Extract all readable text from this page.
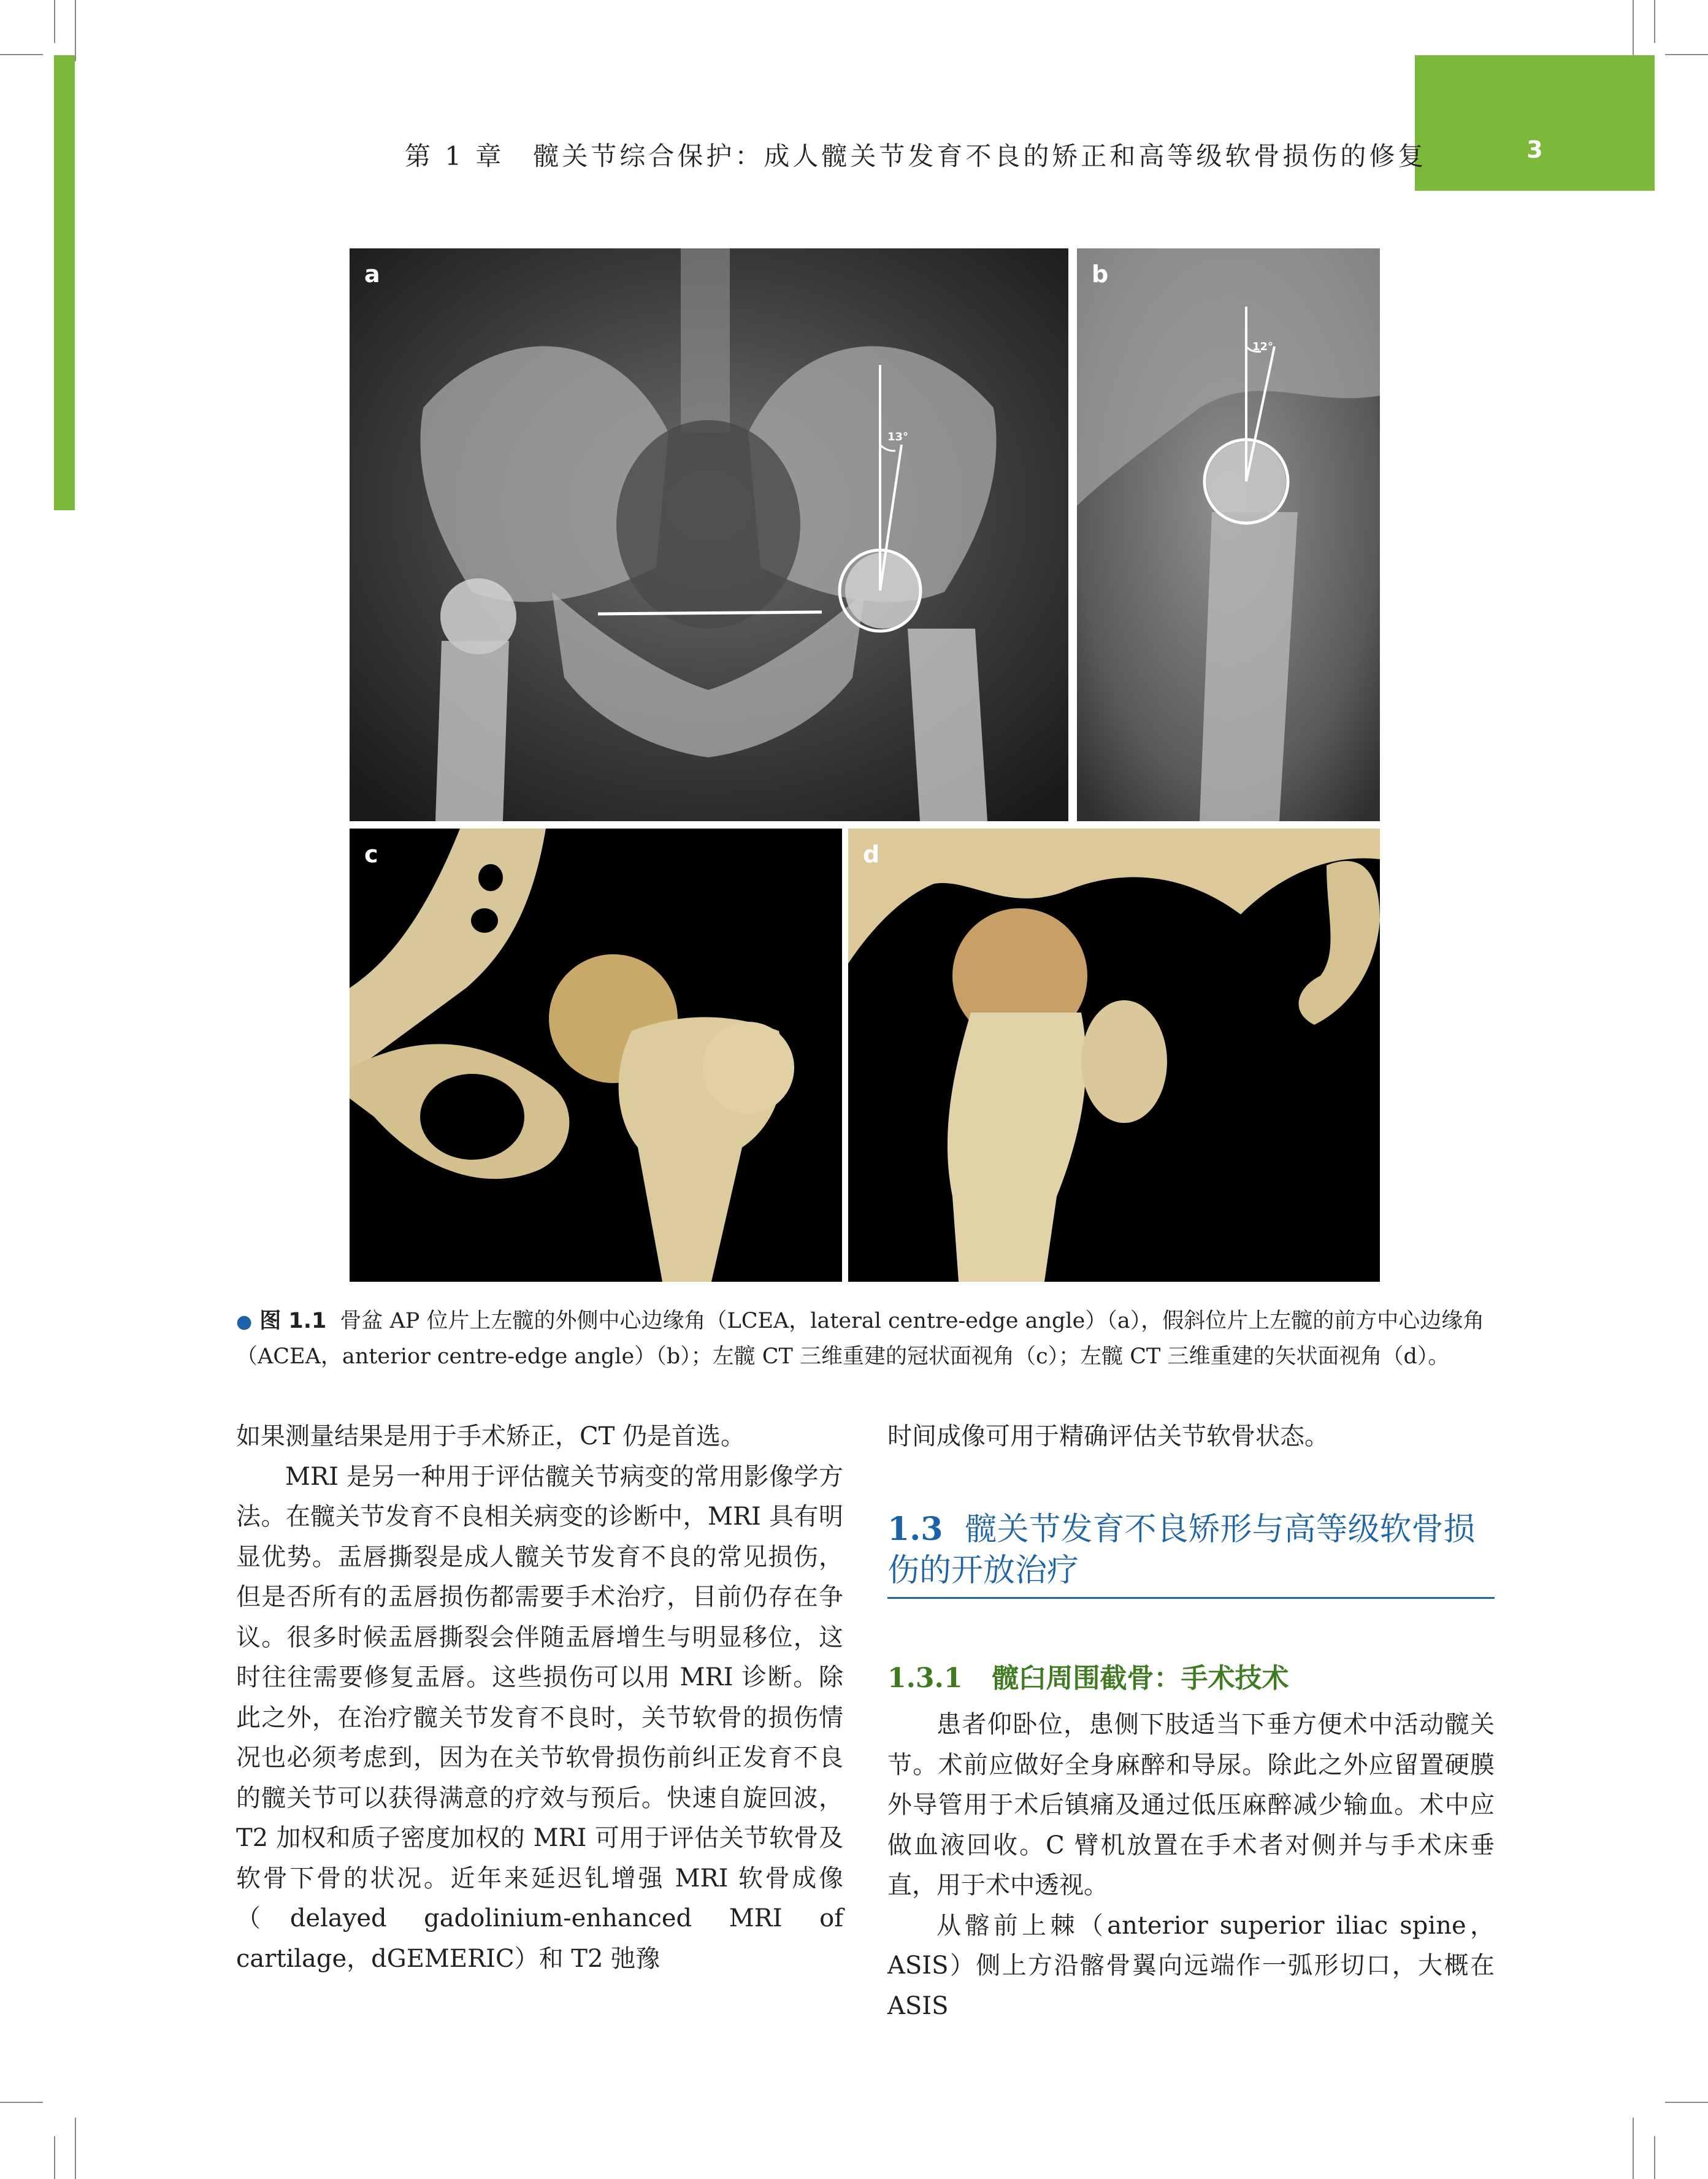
3
第 1 章　髋关节综合保护：成人髋关节发育不良的矫正和高等级软骨损伤的修复
a
13°
b
12°
c	d
● 图 1.1 骨盆 AP 位片上左髋的外侧中心边缘角（LCEA，lateral centre-edge angle）（a），假斜位片上左髋的前方中心边缘角（ACEA，anterior centre-edge angle）（b）；左髋 CT 三维重建的冠状面视角（c）；左髋 CT 三维重建的矢状面视角（d）。

如果测量结果是用于手术矫正，CT 仍是首选。

MRI 是另一种用于评估髋关节病变的常用影像学方法。在髋关节发育不良相关病变的诊断中，MRI 具有明显优势。盂唇撕裂是成人髋关节发育不良的常见损伤，但是否所有的盂唇损伤都需要手术治疗，目前仍存在争议。很多时候盂唇撕裂会伴随盂唇增生与明显移位，这时往往需要修复盂唇。这些损伤可以用 MRI 诊断。除此之外，在治疗髋关节发育不良时，关节软骨的损伤情况也必须考虑到，因为在关节软骨损伤前纠正发育不良的髋关节可以获得满意的疗效与预后。快速自旋回波，T2 加权和质子密度加权的 MRI 可用于评估关节软骨及软骨下骨的状况。近年来延迟钆增强 MRI 软骨成像（delayed gadolinium-enhanced MRI of cartilage，dGEMERIC）和 T2 弛豫

时间成像可用于精确评估关节软骨状态。

1.3 髋关节发育不良矫形与高等级软骨损伤的开放治疗
1.3.1 髋臼周围截骨：手术技术

患者仰卧位，患侧下肢适当下垂方便术中活动髋关节。术前应做好全身麻醉和导尿。除此之外应留置硬膜外导管用于术后镇痛及通过低压麻醉减少输血。术中应做血液回收。C 臂机放置在手术者对侧并与手术床垂直，用于术中透视。

从髂前上棘（anterior superior iliac spine，ASIS）侧上方沿髂骨翼向远端作一弧形切口，大概在 ASIS
